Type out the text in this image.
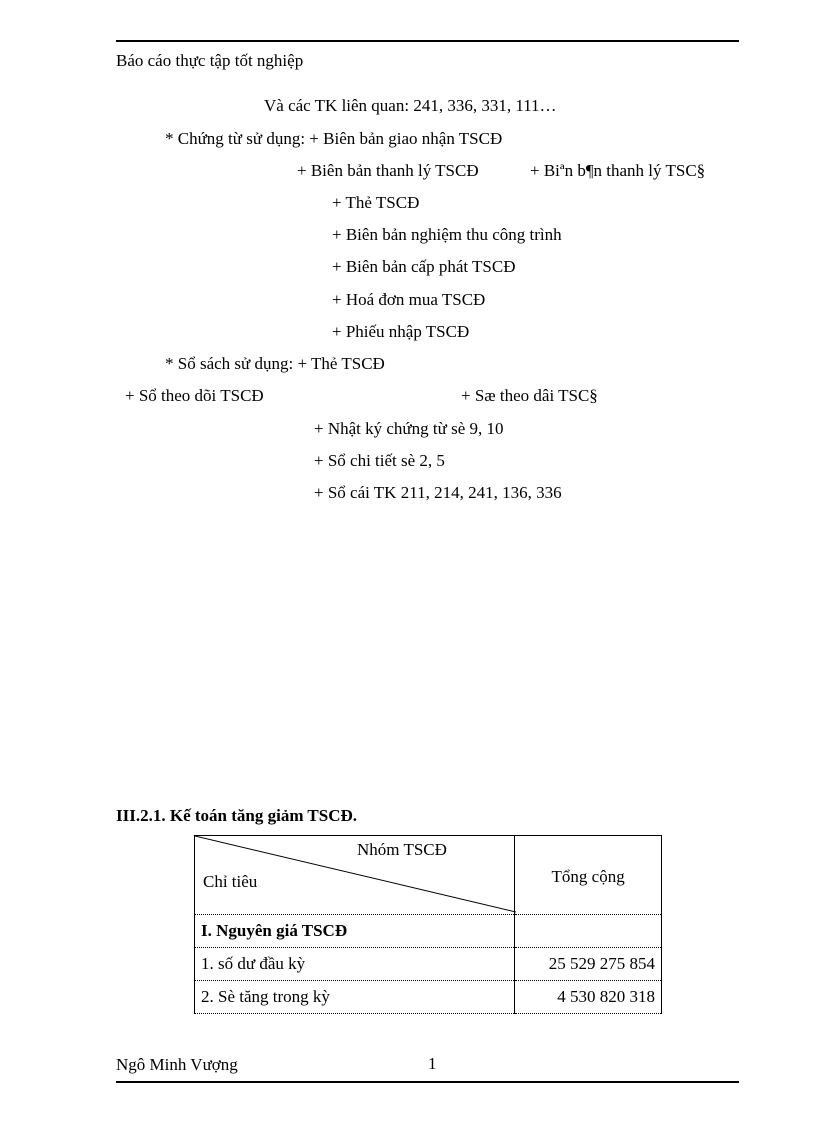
Báo cáo thực tập tốt nghiệp
Và các TK liên quan: 241, 336, 331, 111…
* Chứng từ sử dụng: + Biên bản giao nhận TSCĐ
+ Biên bản thanh lý TSCĐ	+ Biªn b¶n thanh lý TSC§
+ Thẻ TSCĐ
+ Biên bản nghiệm thu công trình
+ Biên bản cấp phát TSCĐ
+ Hoá đơn mua TSCĐ
+ Phiếu nhập TSCĐ
* Sổ sách sử dụng: + Thẻ TSCĐ
+ Sổ theo dõi TSCĐ	+ Sæ theo dâi TSC§
+ Nhật ký chứng từ sè 9, 10
+ Sổ chi tiết sè 2, 5
+ Sổ cái TK 211, 214, 241, 136, 336
III.2.1. Kế toán tăng giảm TSCĐ.
Nhóm TSCĐ
Chỉ tiêu	Tổng cộng

I. Nguyên giá TSCĐ	
1. số dư đầu kỳ	25 529 275 854
2. Sè tăng trong kỳ	4 530 820 318
Ngô Minh Vượng	1
